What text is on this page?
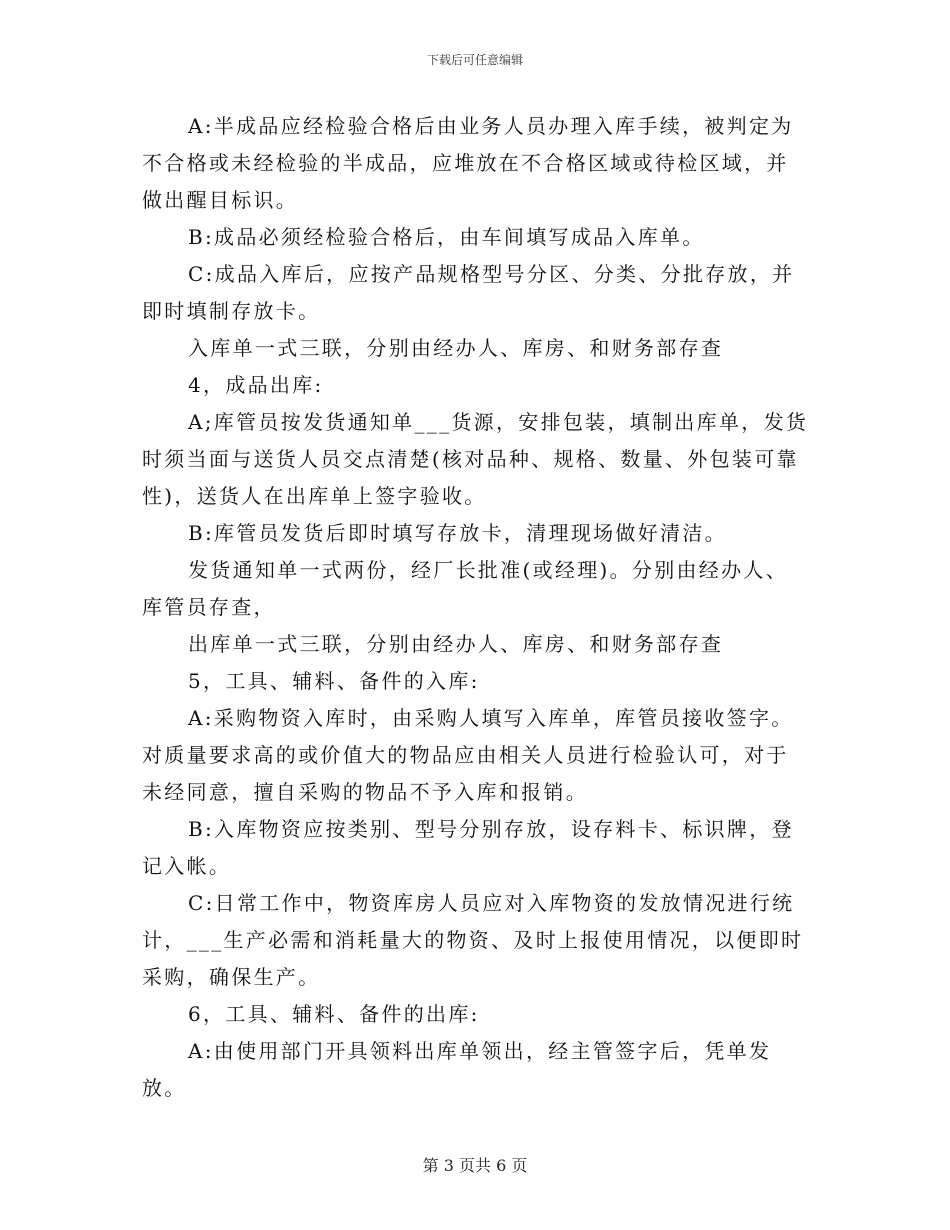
下载后可任意编辑

A:半成品应经检验合格后由业务人员办理入库手续，被判定为不合格或未经检验的半成品，应堆放在不合格区域或待检区域，并做出醒目标识。

B:成品必须经检验合格后，由车间填写成品入库单。

C:成品入库后，应按产品规格型号分区、分类、分批存放，并即时填制存放卡。

入库单一式三联，分别由经办人、库房、和财务部存查

4，成品出库:

A;库管员按发货通知单___货源，安排包装，填制出库单，发货时须当面与送货人员交点清楚(核对品种、规格、数量、外包装可靠性)，送货人在出库单上签字验收。

B:库管员发货后即时填写存放卡，清理现场做好清洁。

发货通知单一式两份，经厂长批准(或经理)。分别由经办人、库管员存查，

出库单一式三联，分别由经办人、库房、和财务部存查

5，工具、辅料、备件的入库:

A:采购物资入库时，由采购人填写入库单，库管员接收签字。对质量要求高的或价值大的物品应由相关人员进行检验认可，对于未经同意，擅自采购的物品不予入库和报销。

B:入库物资应按类别、型号分别存放，设存料卡、标识牌，登记入帐。

C:日常工作中，物资库房人员应对入库物资的发放情况进行统计，___生产必需和消耗量大的物资、及时上报使用情况，以便即时采购，确保生产。

6，工具、辅料、备件的出库:

A:由使用部门开具领料出库单领出，经主管签字后，凭单发放。

第 3 页共 6 页
